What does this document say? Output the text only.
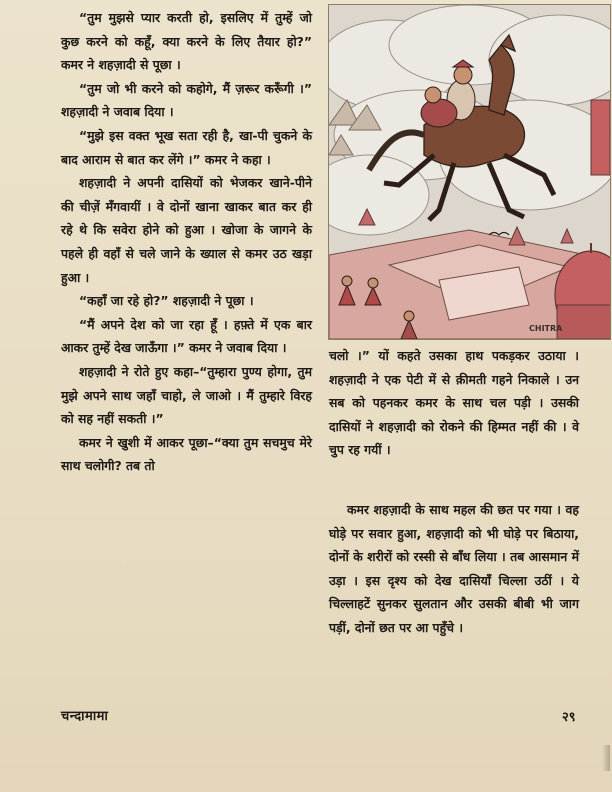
“तुम मुझसे प्यार करती हो, इसलिए में तुम्हें जो कुछ करने को कहूँ, क्या करने के लिए तैयार हो?” कमर ने शहज़ादी से पूछा ।

“तुम जो भी करने को कहोगे, मैं ज़रूर करूँगी ।” शहज़ादी ने जवाब दिया ।

“मुझे इस वक्त भूख सता रही है, खा-पी चुकने के बाद आराम से बात कर लेंगे ।” कमर ने कहा ।

शहज़ादी ने अपनी दासियों को भेजकर खाने-पीने की चीज़ें मँगवायीं । वे दोनों खाना खाकर बात कर ही रहे थे कि सवेरा होने को हुआ । खोजा के जागने के पहले ही वहाँ से चले जाने के ख्याल से कमर उठ खड़ा हुआ ।

“कहाँ जा रहे हो?” शहज़ादी ने पूछा ।

“मैं अपने देश को जा रहा हूँ । हफ़्ते में एक बार आकर तुम्हें देख जाऊँगा ।” कमर ने जवाब दिया ।

शहज़ादी ने रोते हुए कहा–“तुम्हारा पुण्य होगा, तुम मुझे अपने साथ जहाँ चाहो, ले जाओ । मैं तुम्हारे विरह को सह नहीं सकती ।”

कमर ने खुशी में आकर पूछा–“क्या तुम सचमुच मेरे साथ चलोगी? तब तो

CHITRA

चलो ।” यों कहते उसका हाथ पकड़कर उठाया । शहज़ादी ने एक पेटी में से क़ीमती गहने निकाले । उन सब को पहनकर कमर के साथ चल पड़ी । उसकी दासियों ने शहज़ादी को रोकने की हिम्मत नहीं की । वे चुप रह गयीं ।

कमर शहज़ादी के साथ महल की छत पर गया । वह घोड़े पर सवार हुआ, शहज़ादी को भी घोड़े पर बिठाया, दोनों के शरीरों को रस्सी से बाँध लिया । तब आसमान में उड़ा । इस दृश्य को देख दासियाँ चिल्ला उठीं । ये चिल्लाहटें सुनकर सुलतान और उसकी बीबी भी जाग पड़ीं, दोनों छत पर आ पहुँचे ।

चन्दामामा	२९
